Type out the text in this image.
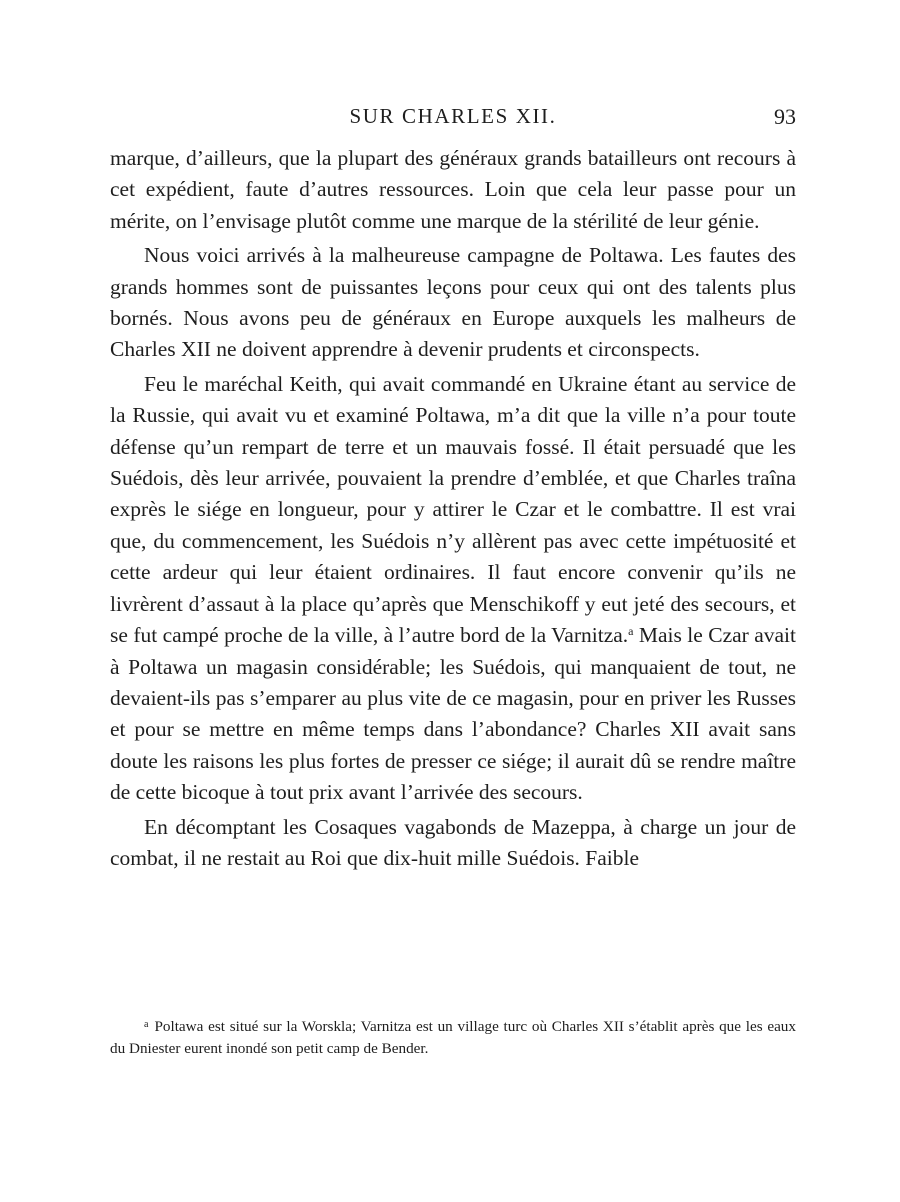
SUR CHARLES XII.	93

marque, d’ailleurs, que la plupart des généraux grands batailleurs ont recours à cet expédient, faute d’autres ressources. Loin que cela leur passe pour un mérite, on l’envisage plutôt comme une marque de la stérilité de leur génie.

Nous voici arrivés à la malheureuse campagne de Poltawa. Les fautes des grands hommes sont de puissantes leçons pour ceux qui ont des talents plus bornés. Nous avons peu de généraux en Europe auxquels les malheurs de Charles XII ne doivent apprendre à devenir prudents et circonspects.

Feu le maréchal Keith, qui avait commandé en Ukraine étant au service de la Russie, qui avait vu et examiné Poltawa, m’a dit que la ville n’a pour toute défense qu’un rempart de terre et un mauvais fossé. Il était persuadé que les Suédois, dès leur arrivée, pouvaient la prendre d’emblée, et que Charles traîna exprès le siége en longueur, pour y attirer le Czar et le combattre. Il est vrai que, du commencement, les Suédois n’y allèrent pas avec cette impétuosité et cette ardeur qui leur étaient ordinaires. Il faut encore convenir qu’ils ne livrèrent d’assaut à la place qu’après que Menschikoff y eut jeté des secours, et se fut campé proche de la ville, à l’autre bord de la Varnitza.$^a$ Mais le Czar avait à Poltawa un magasin considérable; les Suédois, qui manquaient de tout, ne devaient-ils pas s’emparer au plus vite de ce magasin, pour en priver les Russes et pour se mettre en même temps dans l’abondance? Charles XII avait sans doute les raisons les plus fortes de presser ce siége; il aurait dû se rendre maître de cette bicoque à tout prix avant l’arrivée des secours.

En décomptant les Cosaques vagabonds de Mazeppa, à charge un jour de combat, il ne restait au Roi que dix-huit mille Suédois. Faible

$^a$ Poltawa est situé sur la Worskla; Varnitza est un village turc où Charles XII s’établit après que les eaux du Dniester eurent inondé son petit camp de Bender.
